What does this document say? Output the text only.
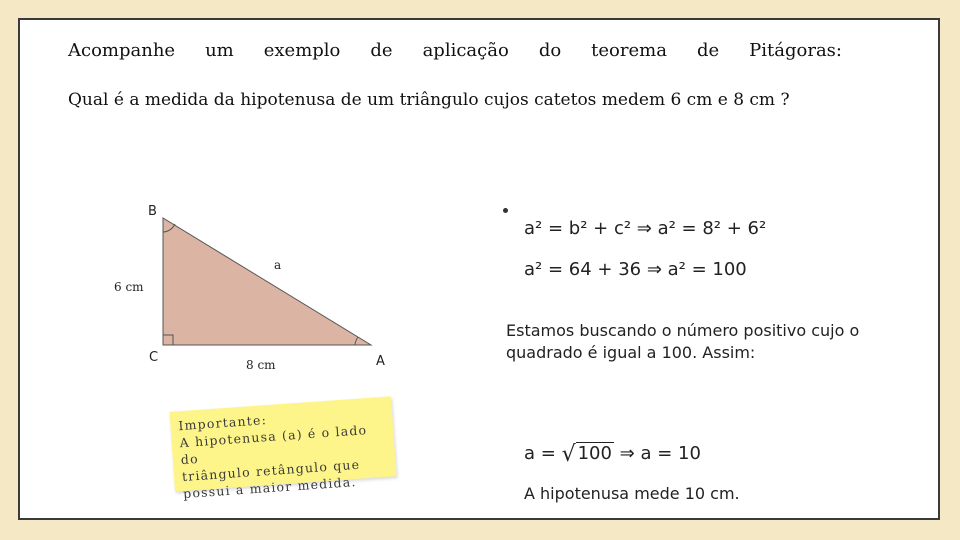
Acompanhe um exemplo de aplicação do teorema de Pitágoras:
Qual é a medida da hipotenusa de um triângulo cujos catetos medem 6 cm e 8 cm ?
B
C	A
a
6 cm
8 cm
a² = b² + c² ⇒ a² = 8² + 6²
a² = 64 + 36 ⇒ a² = 100
Estamos buscando o número positivo cujo o quadrado é igual a 100. Assim:
a = √ 100 ⇒ a = 10
A hipotenusa mede 10 cm.
Importante:
A hipotenusa (a) é o lado do
triângulo retângulo que
possui a maior medida.
